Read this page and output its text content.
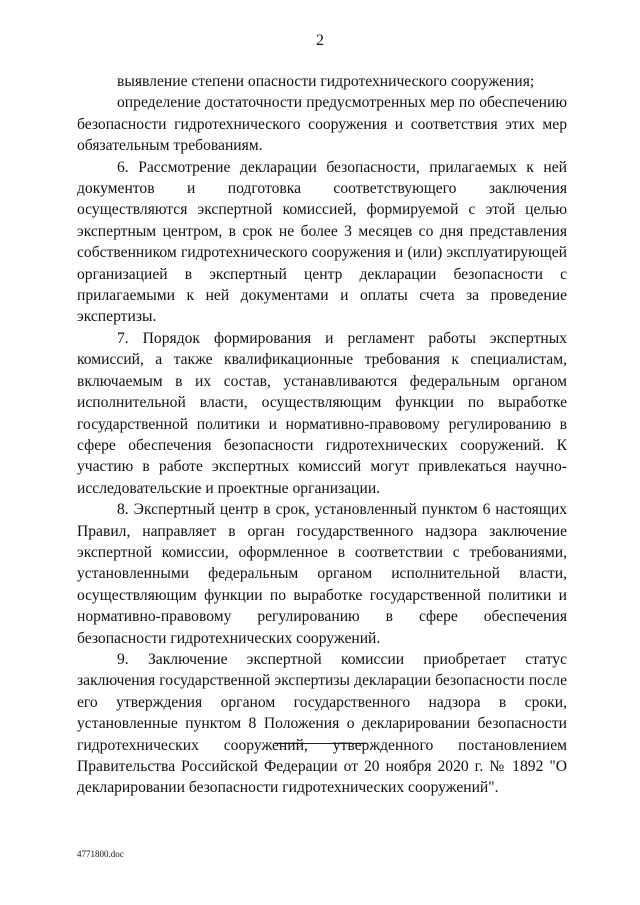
2

выявление степени опасности гидротехнического сооружения;

определение достаточности предусмотренных мер по обеспечению безопасности гидротехнического сооружения и соответствия этих мер обязательным требованиям.

6. Рассмотрение декларации безопасности, прилагаемых к ней документов и подготовка соответствующего заключения осуществляются экспертной комиссией, формируемой с этой целью экспертным центром, в срок не более 3 месяцев со дня представления собственником гидротехнического сооружения и (или) эксплуатирующей организацией в экспертный центр декларации безопасности с прилагаемыми к ней документами и оплаты счета за проведение экспертизы.

7. Порядок формирования и регламент работы экспертных комиссий, а также квалификационные требования к специалистам, включаемым в их состав, устанавливаются федеральным органом исполнительной власти, осуществляющим функции по выработке государственной политики и нормативно-правовому регулированию в сфере обеспечения безопасности гидротехнических сооружений. К участию в работе экспертных комиссий могут привлекаться научно-исследовательские и проектные организации.

8. Экспертный центр в срок, установленный пунктом 6 настоящих Правил, направляет в орган государственного надзора заключение экспертной комиссии, оформленное в соответствии с требованиями, установленными федеральным органом исполнительной власти, осуществляющим функции по выработке государственной политики и нормативно-правовому регулированию в сфере обеспечения безопасности гидротехнических сооружений.

9. Заключение экспертной комиссии приобретает статус заключения государственной экспертизы декларации безопасности после его утверждения органом государственного надзора в сроки, установленные пунктом 8 Положения о декларировании безопасности гидротехнических сооружений, утвержденного постановлением Правительства Российской Федерации от 20 ноября 2020 г. № 1892 "О декларировании безопасности гидротехнических сооружений".

4771800.doc
